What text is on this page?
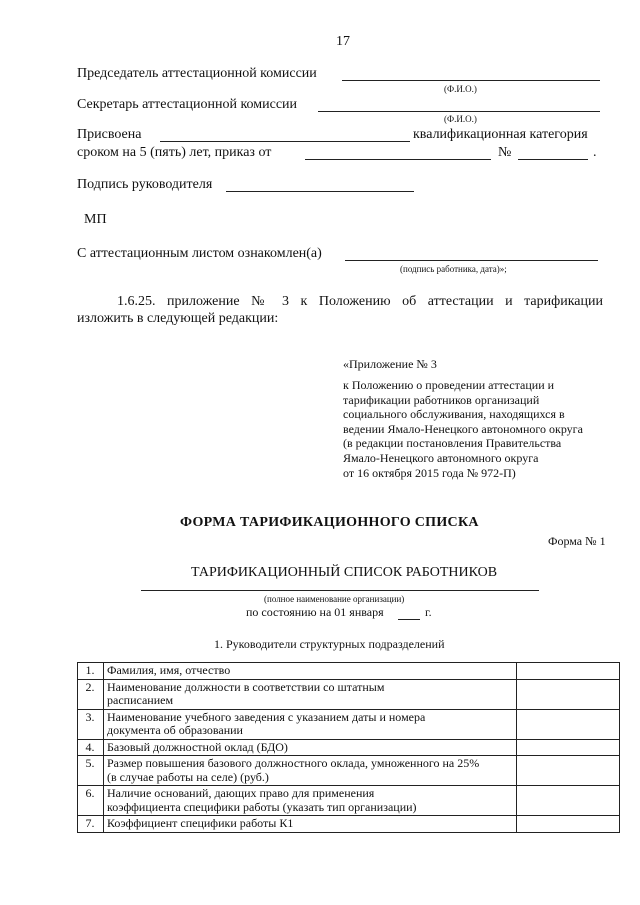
17
Председатель аттестационной комиссии
(Ф.И.О.)
Секретарь аттестационной комиссии
(Ф.И.О.)
Присвоена	квалификационная категория
сроком на 5 (пять) лет, приказ от	№	.
Подпись руководителя
МП
С аттестационным листом ознакомлен(а)
(подпись работника, дата)»;
1.6.25. приложение № 3 к Положению об аттестации и тарификации
изложить в следующей редакции:
«Приложение № 3
к Положению о проведении аттестации и
тарификации работников организаций
социального обслуживания, находящихся в
ведении Ямало-Ненецкого автономного округа
(в редакции постановления Правительства
Ямало-Ненецкого автономного округа
от 16 октября 2015 года № 972-П)
ФОРМА ТАРИФИКАЦИОННОГО СПИСКА
Форма № 1
ТАРИФИКАЦИОННЫЙ СПИСОК РАБОТНИКОВ
(полное наименование организации)
по состоянию на 01 января	г.
1. Руководители структурных подразделений
1.	Фамилия, имя, отчество	

2.	Наименование должности в соответствии со штатным
расписанием	

3.	Наименование учебного заведения с указанием даты и номера
документа об образовании	

4.	Базовый должностной оклад (БДО)	

5.	Размер повышения базового должностного оклада, умноженного на 25%
(в случае работы на селе) (руб.)	

6.	Наличие оснований, дающих право для применения
коэффициента специфики работы (указать тип организации)	

7.	Коэффициент специфики работы К1	
